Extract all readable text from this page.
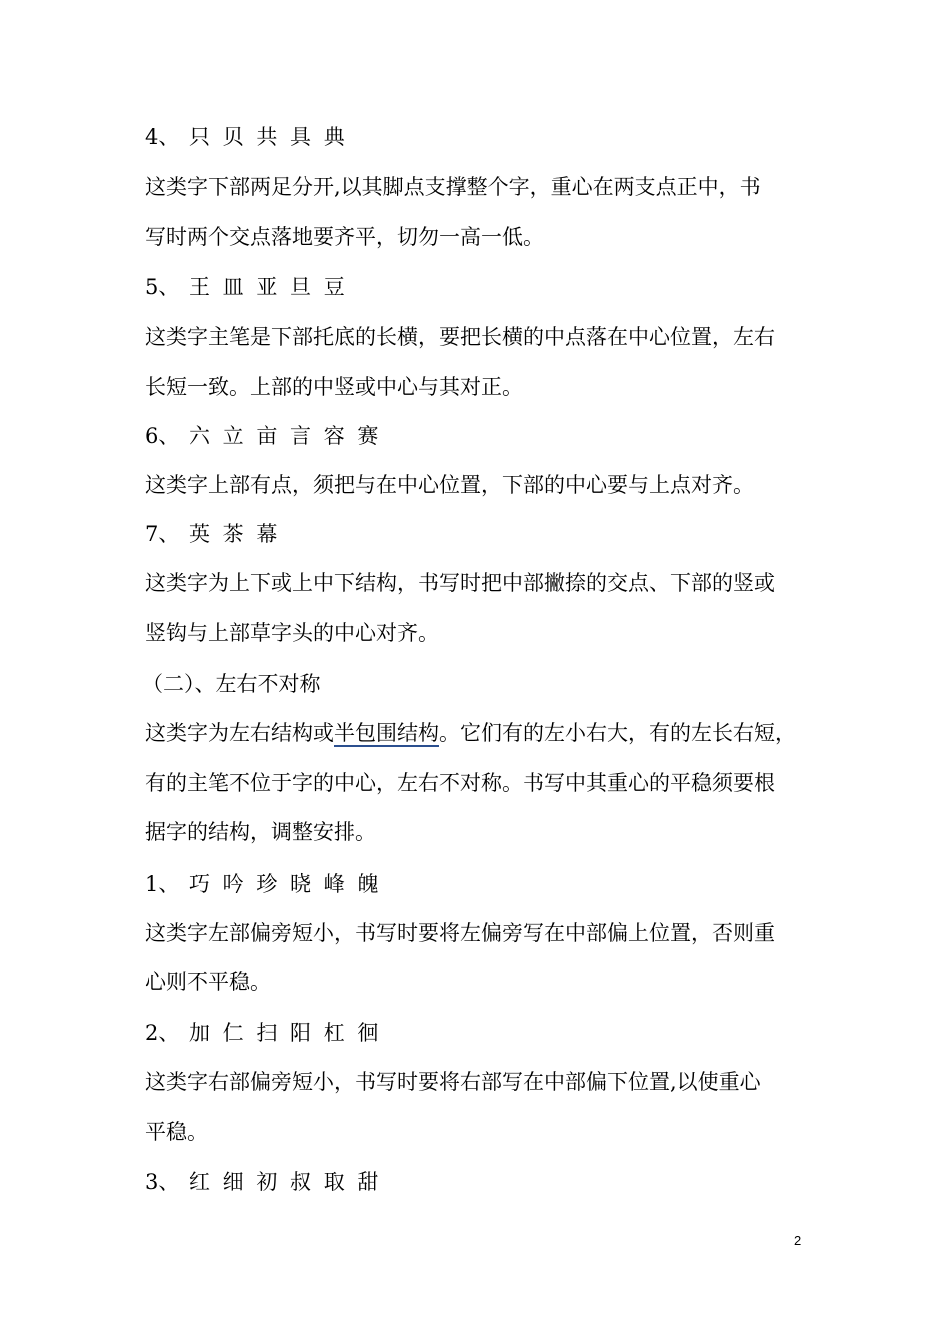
4、 只 贝 共 具 典
这类字下部两足分开,以其脚点支撑整个字，重心在两支点正中，书
写时两个交点落地要齐平，切勿一高一低。
5、 王 皿 亚 旦 豆
这类字主笔是下部托底的长横，要把长横的中点落在中心位置，左右
长短一致。上部的中竖或中心与其对正。
6、 六 立 亩 言 容 赛
这类字上部有点，须把与在中心位置，下部的中心要与上点对齐。
7、 英 茶 幕
这类字为上下或上中下结构，书写时把中部撇捺的交点、下部的竖或
竖钩与上部草字头的中心对齐。
（二）、左右不对称
这类字为左右结构或半包围结构。它们有的左小右大，有的左长右短，
有的主笔不位于字的中心，左右不对称。书写中其重心的平稳须要根
据字的结构，调整安排。
1、 巧 吟 珍 晓 峰 魄
这类字左部偏旁短小，书写时要将左偏旁写在中部偏上位置，否则重
心则不平稳。
2、 加 仁 扫 阳 杠 徊
这类字右部偏旁短小，书写时要将右部写在中部偏下位置,以使重心
平稳。
3、 红 细 初 叔 取 甜
2
